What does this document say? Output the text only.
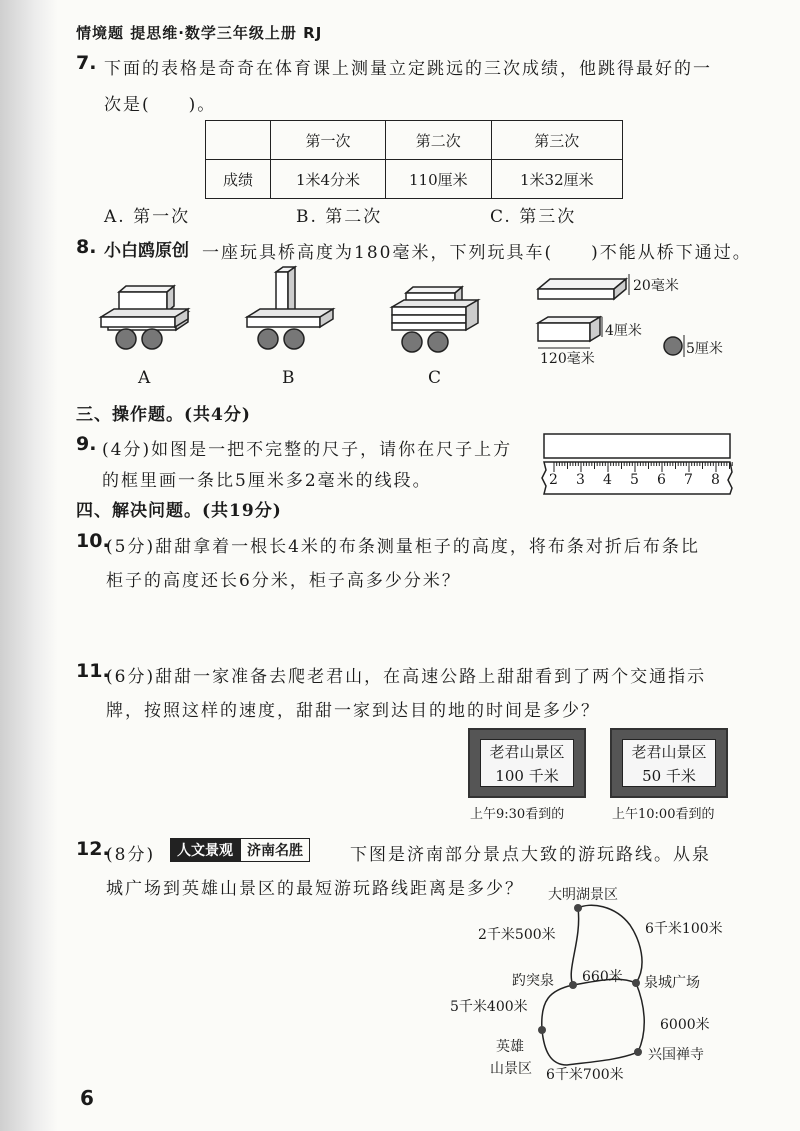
情境题 提思维·数学三年级上册 RJ
7. 下面的表格是奇奇在体育课上测量立定跳远的三次成绩，他跳得最好的一
次是(　　)。
	第一次	第二次	第三次
成绩	1米4分米	110厘米	1米32厘米
A. 第一次	B. 第二次	C. 第三次
8. 小白鸥原创 一座玩具桥高度为180毫米，下列玩具车(　　)不能从桥下通过。
20毫米
4厘米
120毫米
5厘米
A	B	C
三、操作题。(共4分)
9. (4分)如图是一把不完整的尺子，请你在尺子上方
的框里画一条比5厘米多2毫米的线段。	2 3 4 5 6 7 8
四、解决问题。(共19分)
10.
(5分)甜甜拿着一根长4米的布条测量柜子的高度，将布条对折后布条比
柜子的高度还长6分米，柜子高多少分米？
11.
(6分)甜甜一家准备去爬老君山，在高速公路上甜甜看到了两个交通指示
牌，按照这样的速度，甜甜一家到达目的地的时间是多少？
老君山景区
100 千米
老君山景区
50 千米
上午9:30看到的	上午10:00看到的
12.
(8分)	人文景观 济南名胜	下图是济南部分景点大致的游玩路线。从泉
城广场到英雄山景区的最短游玩路线距离是多少？ 大明湖景区
2千米500米	6千米100米
趵突泉 660米 泉城广场
5千米400米
6000米
英雄
山景区
兴国禅寺
6千米700米
6
